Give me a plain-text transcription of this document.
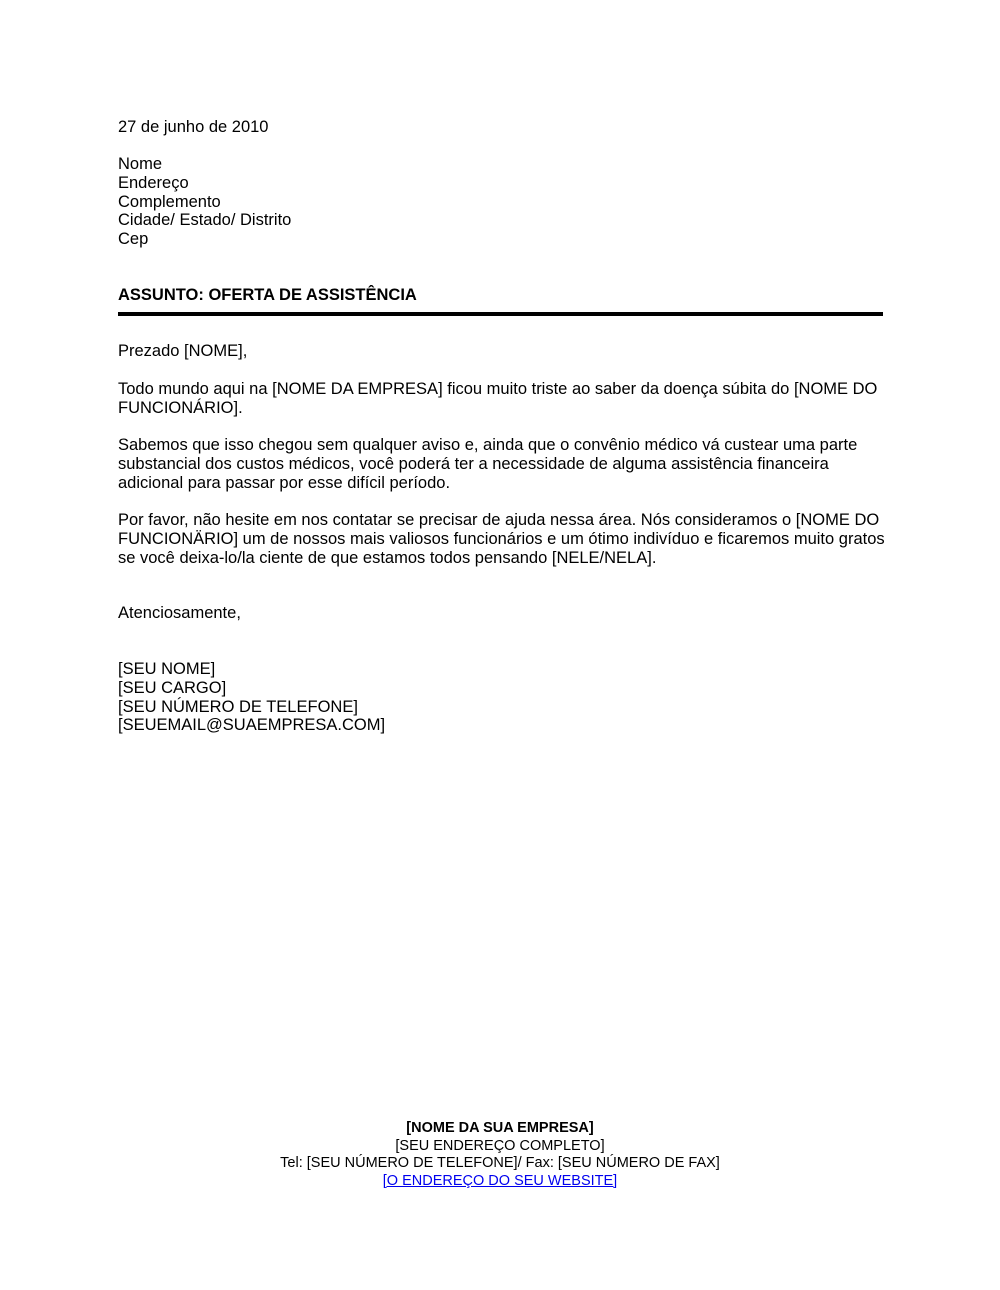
27 de junho de 2010
Nome
Endereço
Complemento
Cidade/ Estado/ Distrito
Cep
ASSUNTO: OFERTA DE ASSISTÊNCIA
Prezado [NOME],
Todo mundo aqui na [NOME DA EMPRESA] ficou muito triste ao saber da doença súbita do [NOME DO FUNCIONÁRIO].
Sabemos que isso chegou sem qualquer aviso e, ainda que o convênio médico vá custear uma parte substancial dos custos médicos, você poderá ter a necessidade de alguma assistência financeira adicional para passar por esse difícil período.
Por favor, não hesite em nos contatar se precisar de ajuda nessa área. Nós consideramos o [NOME DO FUNCIONÄRIO] um de nossos mais valiosos funcionários e um ótimo indivíduo e ficaremos muito gratos se você deixa-lo/la ciente de que estamos todos pensando [NELE/NELA].
Atenciosamente,
[SEU NOME]
[SEU CARGO]
[SEU NÚMERO DE TELEFONE]
[SEUEMAIL@SUAEMPRESA.COM]
[NOME DA SUA EMPRESA]
[SEU ENDEREÇO COMPLETO]
Tel: [SEU NÚMERO DE TELEFONE]/ Fax: [SEU NÚMERO DE FAX]
[O ENDEREÇO DO SEU WEBSITE]
